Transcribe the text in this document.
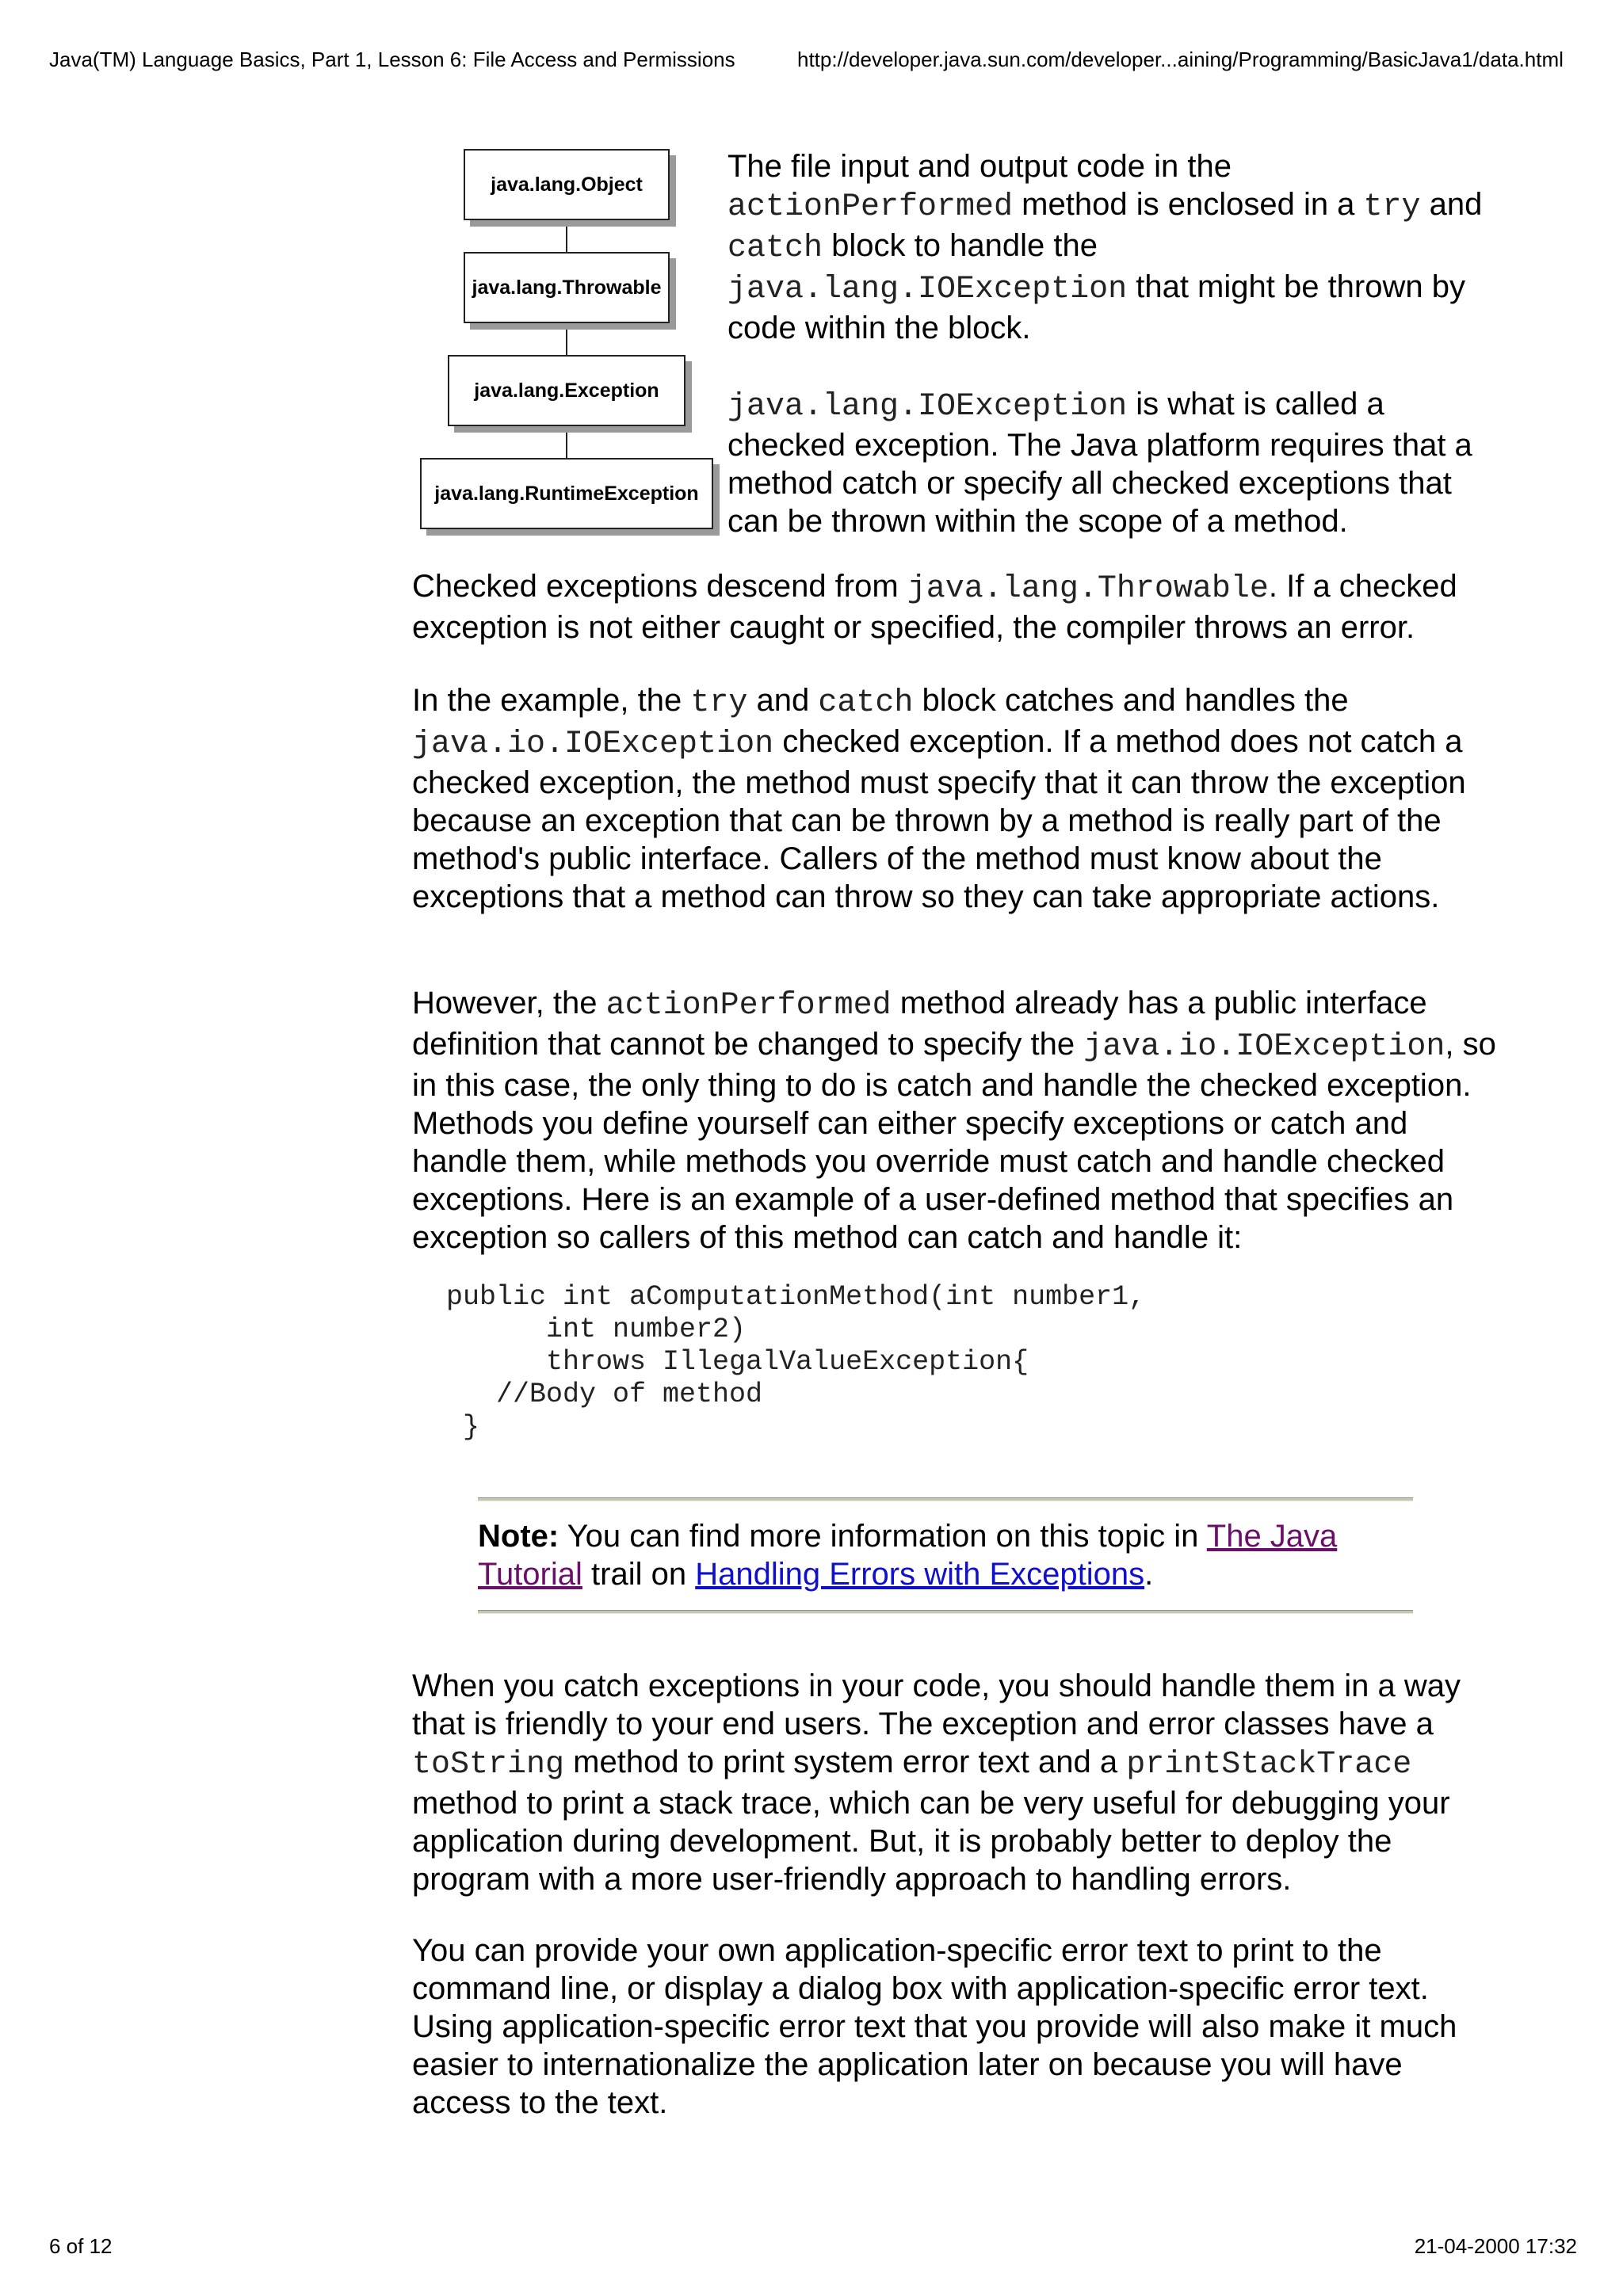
Java(TM) Language Basics, Part 1, Lesson 6: File Access and Permissions	http://developer.java.sun.com/developer...aining/Programming/BasicJava1/data.html
java.lang.Object
java.lang.Throwable
java.lang.Exception
java.lang.RuntimeException

The file input and output code in the actionPerformed method is enclosed in a try and catch block to handle the java.lang.IOException that might be thrown by code within the block.

java.lang.IOException is what is called a checked exception. The Java platform requires that a method catch or specify all checked exceptions that can be thrown within the scope of a method.

Checked exceptions descend from java.lang.Throwable. If a checked exception is not either caught or specified, the compiler throws an error.

In the example, the try and catch block catches and handles the java.io.IOException checked exception. If a method does not catch a checked exception, the method must specify that it can throw the exception because an exception that can be thrown by a method is really part of the method's public interface. Callers of the method must know about the exceptions that a method can throw so they can take appropriate actions.

However, the actionPerformed method already has a public interface definition that cannot be changed to specify the java.io.IOException, so in this case, the only thing to do is catch and handle the checked exception. Methods you define yourself can either specify exceptions or catch and handle them, while methods you override must catch and handle checked exceptions. Here is an example of a user-defined method that specifies an exception so callers of this method can catch and handle it:

public int aComputationMethod(int number1,
int number2)
throws IllegalValueException{
//Body of method
}
Note: You can find more information on this topic in The Java Tutorial trail on Handling Errors with Exceptions.

When you catch exceptions in your code, you should handle them in a way that is friendly to your end users. The exception and error classes have a toString method to print system error text and a printStackTrace method to print a stack trace, which can be very useful for debugging your application during development. But, it is probably better to deploy the program with a more user-friendly approach to handling errors.

You can provide your own application-specific error text to print to the command line, or display a dialog box with application-specific error text. Using application-specific error text that you provide will also make it much easier to internationalize the application later on because you will have access to the text.

6 of 12	21-04-2000 17:32
